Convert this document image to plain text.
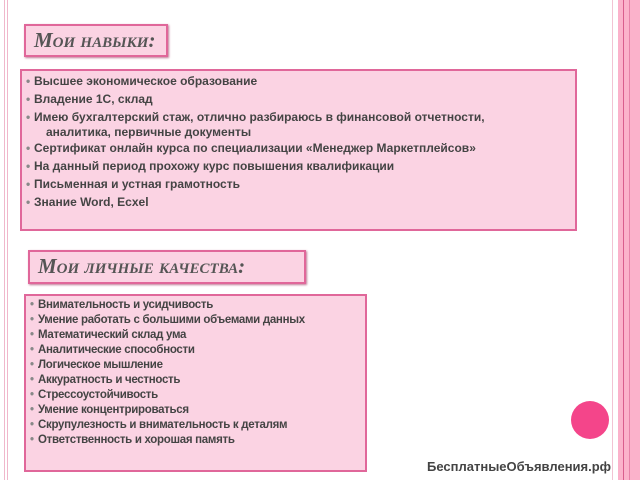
Мои навыки:
• Высшее экономическое образование
• Владение 1С, склад
• Имею бухгалтерский стаж, отлично разбираюсь в финансовой отчетности,
аналитика, первичные документы
• Сертификат онлайн курса по специализации «Менеджер Маркетплейсов»
• На данный период прохожу курс повышения квалификации
• Письменная и устная грамотность
• Знание Word, Ecxel
Мои личные качества:
• Внимательность и усидчивость
• Умение работать с большими объемами данных
• Математический склад ума
• Аналитические способности
• Логическое мышление
• Аккуратность и честность
• Стрессоустойчивость
• Умение концентрироваться
• Скрупулезность и внимательность к деталям
• Ответственность и хорошая память
БесплатныеОбъявления.рф
